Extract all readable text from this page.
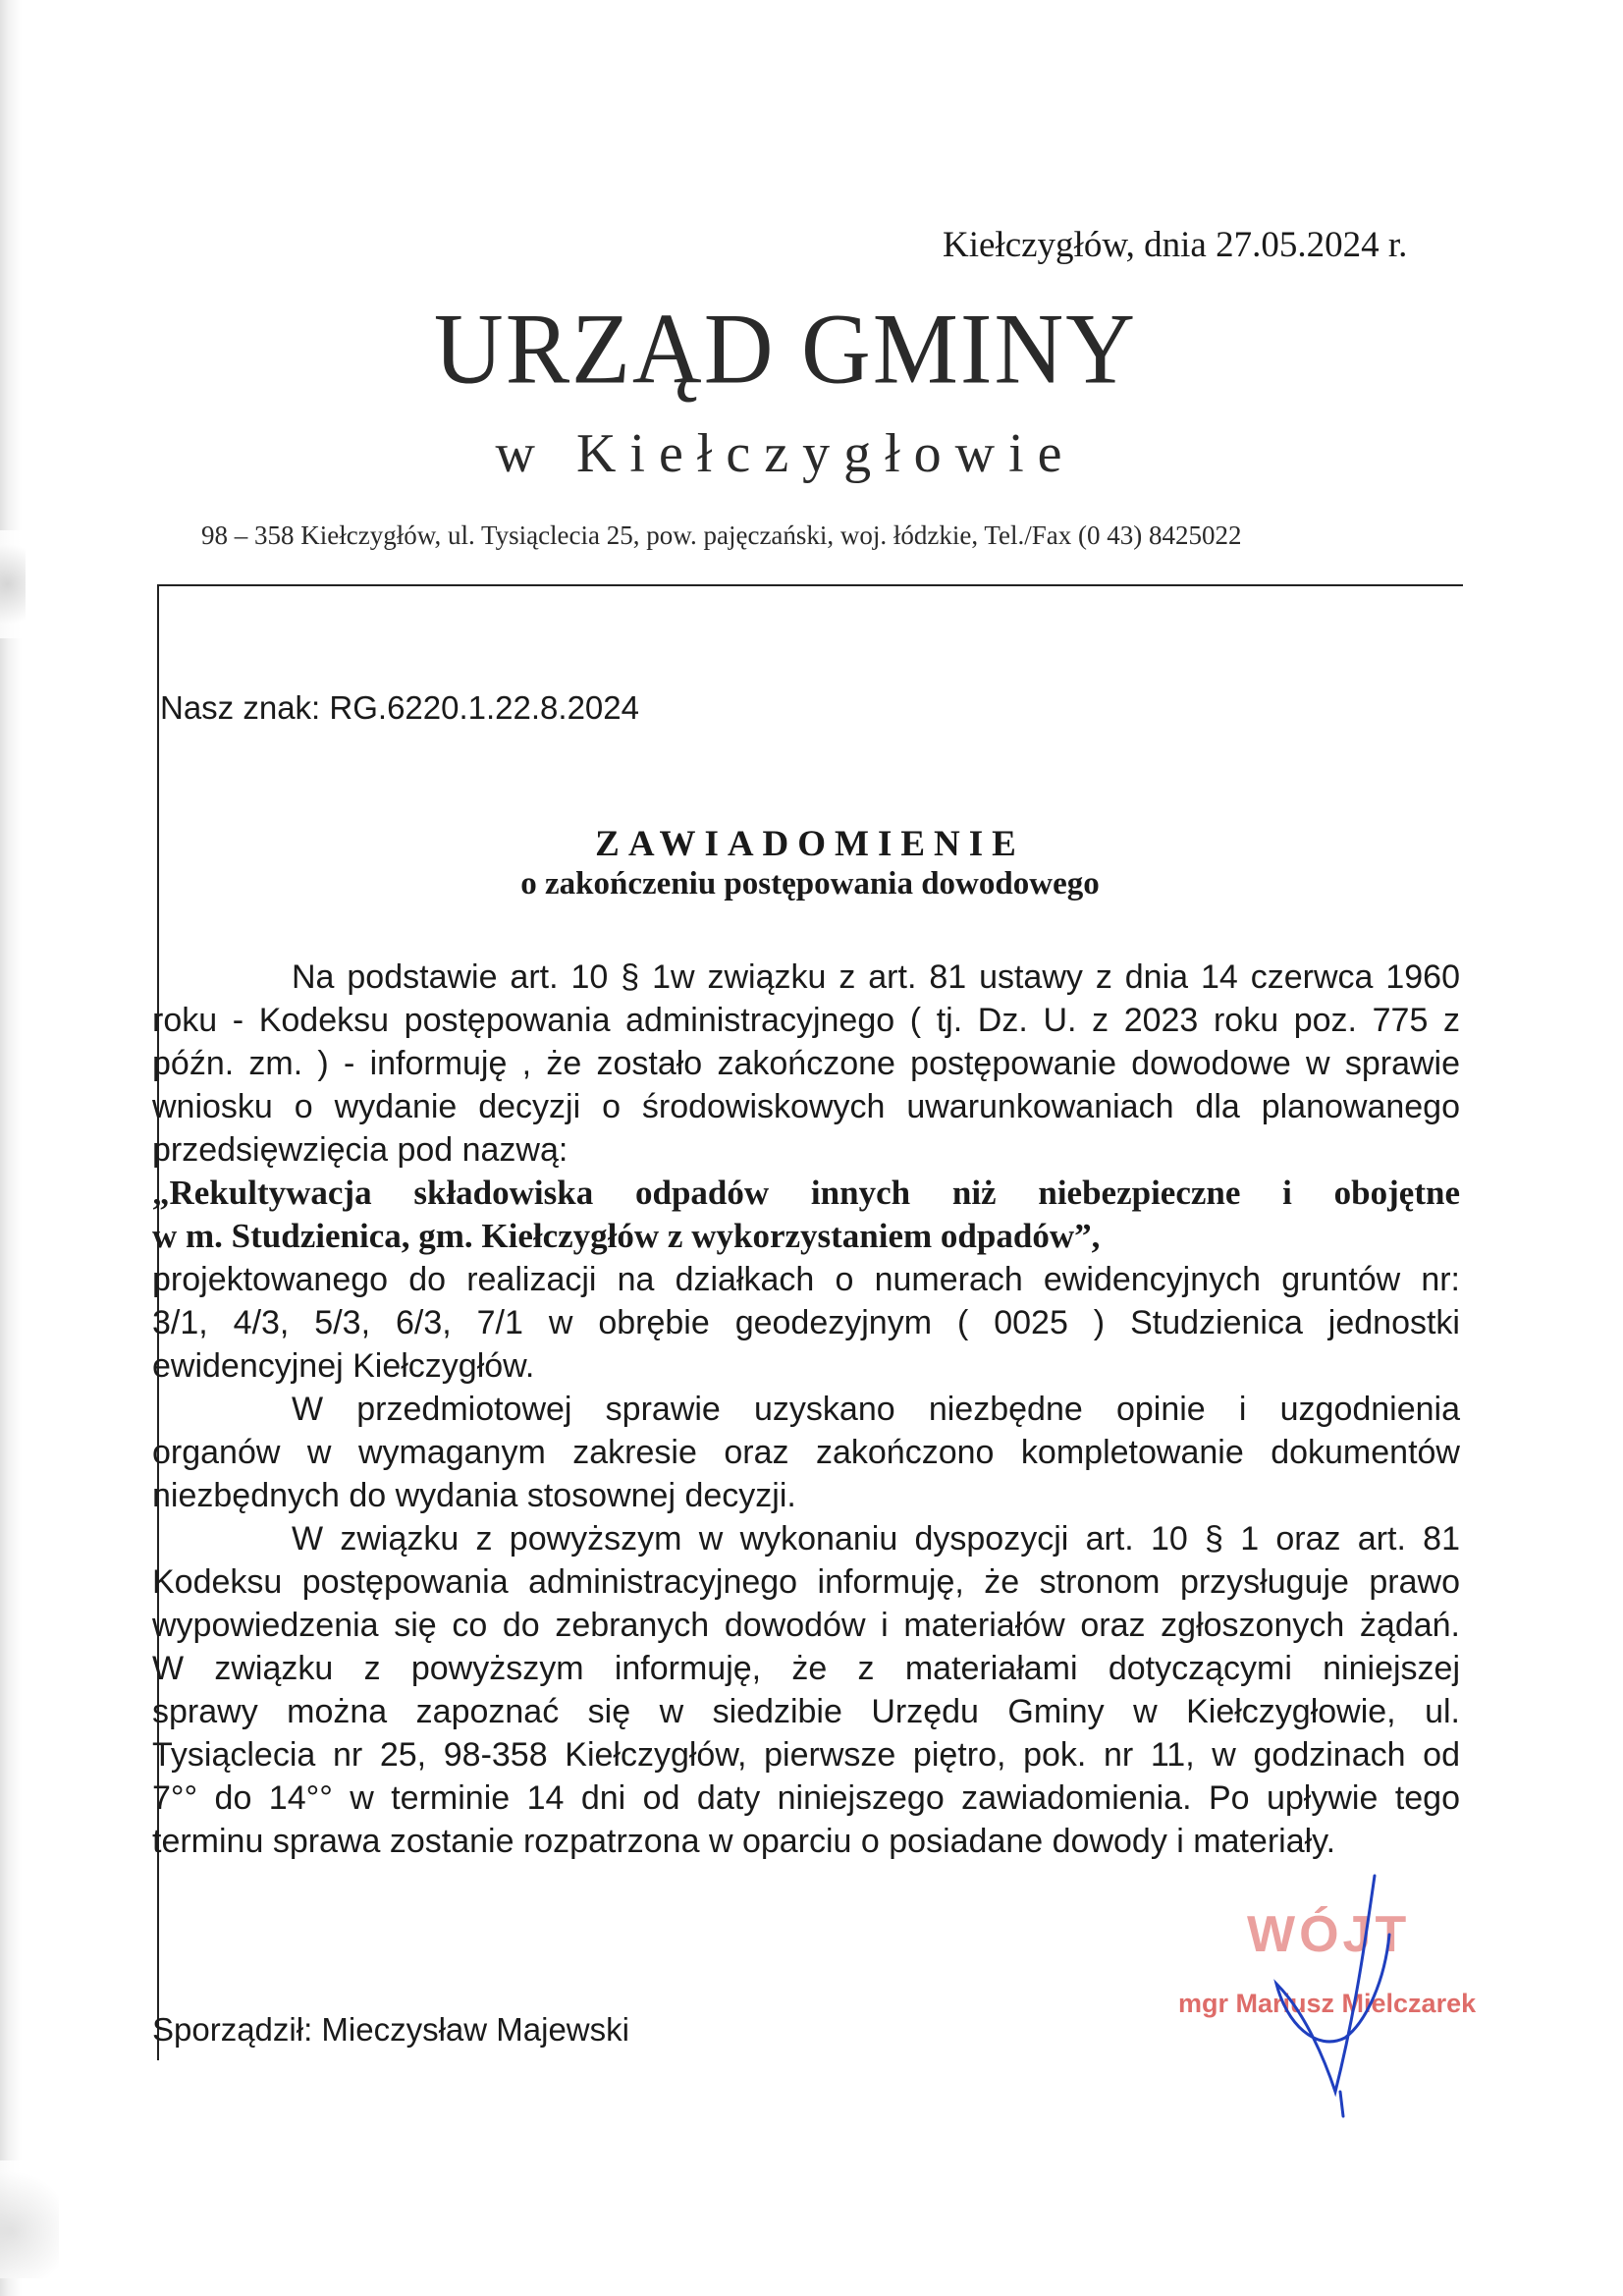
Kiełczygłów, dnia 27.05.2024 r.
URZĄD GMINY
w Kiełczygłowie
98 – 358 Kiełczygłów, ul. Tysiąclecia 25, pow. pajęczański, woj. łódzkie, Tel./Fax (0 43) 8425022
Nasz znak: RG.6220.1.22.8.2024
ZAWIADOMIENIE
o zakończeniu postępowania dowodowego
Na podstawie art. 10 § 1w związku z art. 81 ustawy z dnia 14 czerwca 1960
roku - Kodeksu postępowania administracyjnego ( tj. Dz. U. z 2023 roku poz. 775 z
późn. zm. ) - informuję , że zostało zakończone postępowanie dowodowe w sprawie
wniosku o wydanie decyzji o środowiskowych uwarunkowaniach dla planowanego
przedsięwzięcia pod nazwą:
„Rekultywacja składowiska odpadów innych niż niebezpieczne i obojętne
w m. Studzienica, gm. Kiełczygłów z wykorzystaniem odpadów”,
projektowanego do realizacji na działkach o numerach ewidencyjnych gruntów nr:
3/1, 4/3, 5/3, 6/3, 7/1 w obrębie geodezyjnym ( 0025 ) Studzienica jednostki
ewidencyjnej Kiełczygłów.
W przedmiotowej sprawie uzyskano niezbędne opinie i uzgodnienia
organów w wymaganym zakresie oraz zakończono kompletowanie dokumentów
niezbędnych do wydania stosownej decyzji.
W związku z powyższym w wykonaniu dyspozycji art. 10 § 1 oraz art. 81
Kodeksu postępowania administracyjnego informuję, że stronom przysługuje prawo
wypowiedzenia się co do zebranych dowodów i materiałów oraz zgłoszonych żądań.
W związku z powyższym informuję, że z materiałami dotyczącymi niniejszej
sprawy można zapoznać się w siedzibie Urzędu Gminy w Kiełczygłowie, ul.
Tysiąclecia nr 25, 98-358 Kiełczygłów, pierwsze piętro, pok. nr 11, w godzinach od
7°° do 14°° w terminie 14 dni od daty niniejszego zawiadomienia. Po upływie tego
terminu sprawa zostanie rozpatrzona w oparciu o posiadane dowody i materiały.
Sporządził: Mieczysław Majewski
WÓJT
mgr Mariusz Mielczarek
